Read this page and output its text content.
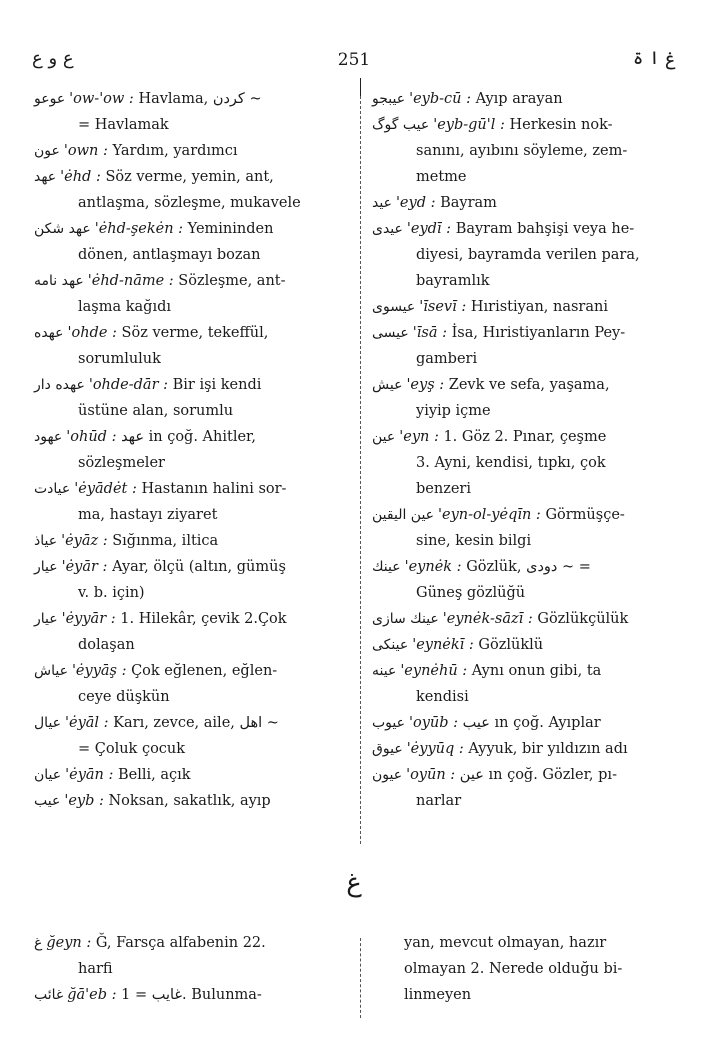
ع و ع	251	غ ا ۃ

عوعو 'ow-'ow : Havlama, کردن ~
= Havlamak

عون 'own : Yardım, yardımcı

عهد 'ėhd : Söz verme, yemin, ant,
antlaşma, sözleşme, mukavele

عهد شکن 'ėhd-şekėn : Yemininden
dönen, antlaşmayı bozan

عهد نامه 'ėhd-nāme : Sözleşme, ant-
laşma kağıdı

عهده 'ohde : Söz verme, tekeffül,
sorumluluk

عهده دار 'ohde-dār : Bir işi kendi
üstüne alan, sorumlu

عهود 'ohūd : عهد in çoğ. Ahitler,
sözleşmeler

عيادت 'ėyādėt : Hastanın halini sor-
ma, hastayı ziyaret

عياذ 'ėyāz : Sığınma, iltica

عيار 'ėyār : Ayar, ölçü (altın, gümüş
v. b. için)

عيار 'ėyyār : 1. Hilekâr, çevik 2.Çok
dolaşan

عياش 'ėyyāş : Çok eğlenen, eğlen-
ceye düşkün

عيال 'ėyāl : Karı, zevce, aile, اهل ~
= Çoluk çocuk

عيان 'ėyān : Belli, açık

عيب 'eyb : Noksan, sakatlık, ayıp

عيبجو 'eyb-cū : Ayıp arayan

عيب گوگ 'eyb-gū'l : Herkesin nok-
sanını, ayıbını söyleme, zem-

metme

عيد 'eyd : Bayram

عيدى 'eydī : Bayram bahşişi veya he-
diyesi, bayramda verilen para,

bayramlık

عيسوى 'īsevī : Hıristiyan, nasrani

عيسى 'īsā : İsa, Hıristiyanların Pey-
gamberi

عيش 'eyş : Zevk ve sefa, yaşama,
yiyip içme

عين 'eyn : 1. Göz 2. Pınar, çeşme
3. Ayni, kendisi, tıpkı, çok

benzeri

عين اليقين 'eyn-ol-yėqīn : Görmüşçe-
sine, kesin bilgi

عينك 'eynėk : Gözlük, دودى ~ =
Güneş gözlüğü

عينك سازى 'eynėk-sāzī : Gözlükçülük

عينكى 'eynėkī : Gözlüklü

عينه 'eynėhū : Aynı onun gibi, ta
kendisi

عيوب 'oyūb : عيب ın çoğ. Ayıplar

عيوق 'ėyyūq : Ayyuk, bir yıldızın adı

عيون 'oyūn : عين ın çoğ. Gözler, pı-
narlar

غ

غ ğeyn : Ğ, Farsça alfabenin 22.
harfi

غائب ğā'eb : غايب = 1. Bulunma-

yan, mevcut olmayan, hazır
olmayan 2. Nerede olduğu bi-
linmeyen
